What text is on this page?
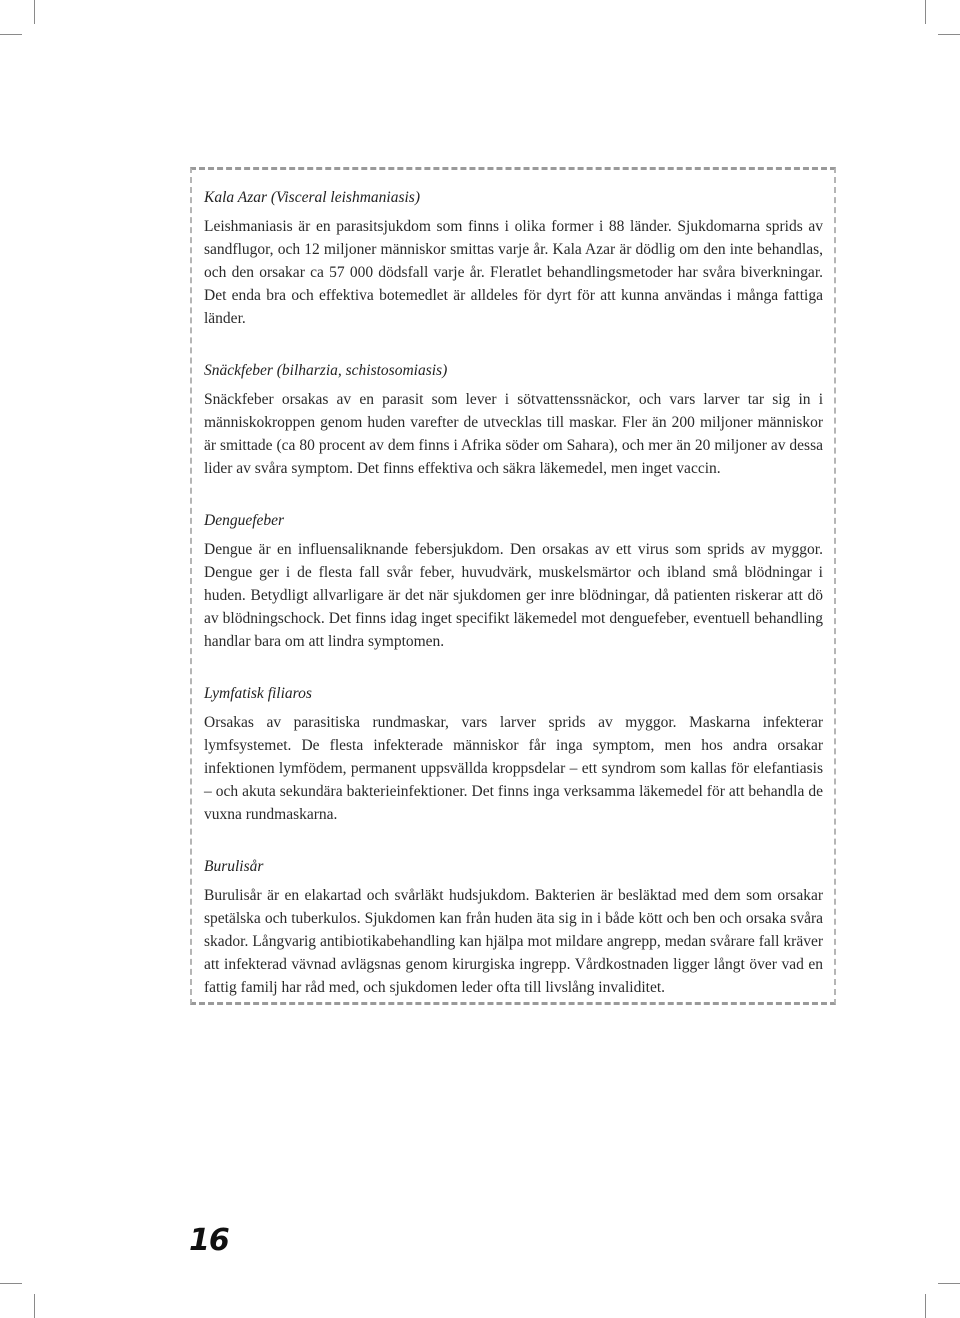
Kala Azar (Visceral leishmaniasis)

Leishmaniasis är en parasitsjukdom som finns i olika former i 88 länder. Sjukdomarna sprids av sandflugor, och 12 miljoner människor smittas varje år. Kala Azar är dödlig om den inte behandlas, och den orsakar ca 57 000 dödsfall varje år. Fleratlet behandlingsmetoder har svåra biverkningar. Det enda bra och effektiva botemedlet är alldeles för dyrt för att kunna användas i många fattiga länder.

Snäckfeber (bilharzia, schistosomiasis)

Snäckfeber orsakas av en parasit som lever i sötvattenssnäckor, och vars larver tar sig in i människokroppen genom huden varefter de utvecklas till maskar. Fler än 200 miljoner människor är smittade (ca 80 procent av dem finns i Afrika söder om Sahara), och mer än 20 miljoner av dessa lider av svåra symptom. Det finns effektiva och säkra läkemedel, men inget vaccin.

Denguefeber

Dengue är en influensaliknande febersjukdom. Den orsakas av ett virus som sprids av myggor. Dengue ger i de flesta fall svår feber, huvudvärk, muskelsmärtor och ibland små blödningar i huden. Betydligt allvarligare är det när sjukdomen ger inre blödningar, då patienten riskerar att dö av blödningschock. Det finns idag inget specifikt läkemedel mot denguefeber, eventuell behandling handlar bara om att lindra symptomen.

Lymfatisk filiaros

Orsakas av parasitiska rundmaskar, vars larver sprids av myggor. Maskarna infekterar lymfsystemet. De flesta infekterade människor får inga symptom, men hos andra orsakar infektionen lymfödem, permanent uppsvällda kroppsdelar – ett syndrom som kallas för elefantiasis – och akuta sekundära bakterieinfektioner. Det finns inga verksamma läkemedel för att behandla de vuxna rundmaskarna.

Burulisår

Burulisår är en elakartad och svårläkt hudsjukdom. Bakterien är besläktad med dem som orsakar spetälska och tuberkulos. Sjukdomen kan från huden äta sig in i både kött och ben och orsaka svåra skador. Långvarig antibiotikabehandling kan hjälpa mot mildare angrepp, medan svårare fall kräver att infekterad vävnad avlägsnas genom kirurgiska ingrepp. Vårdkostnaden ligger långt över vad en fattig familj har råd med, och sjukdomen leder ofta till livslång invaliditet.

16
